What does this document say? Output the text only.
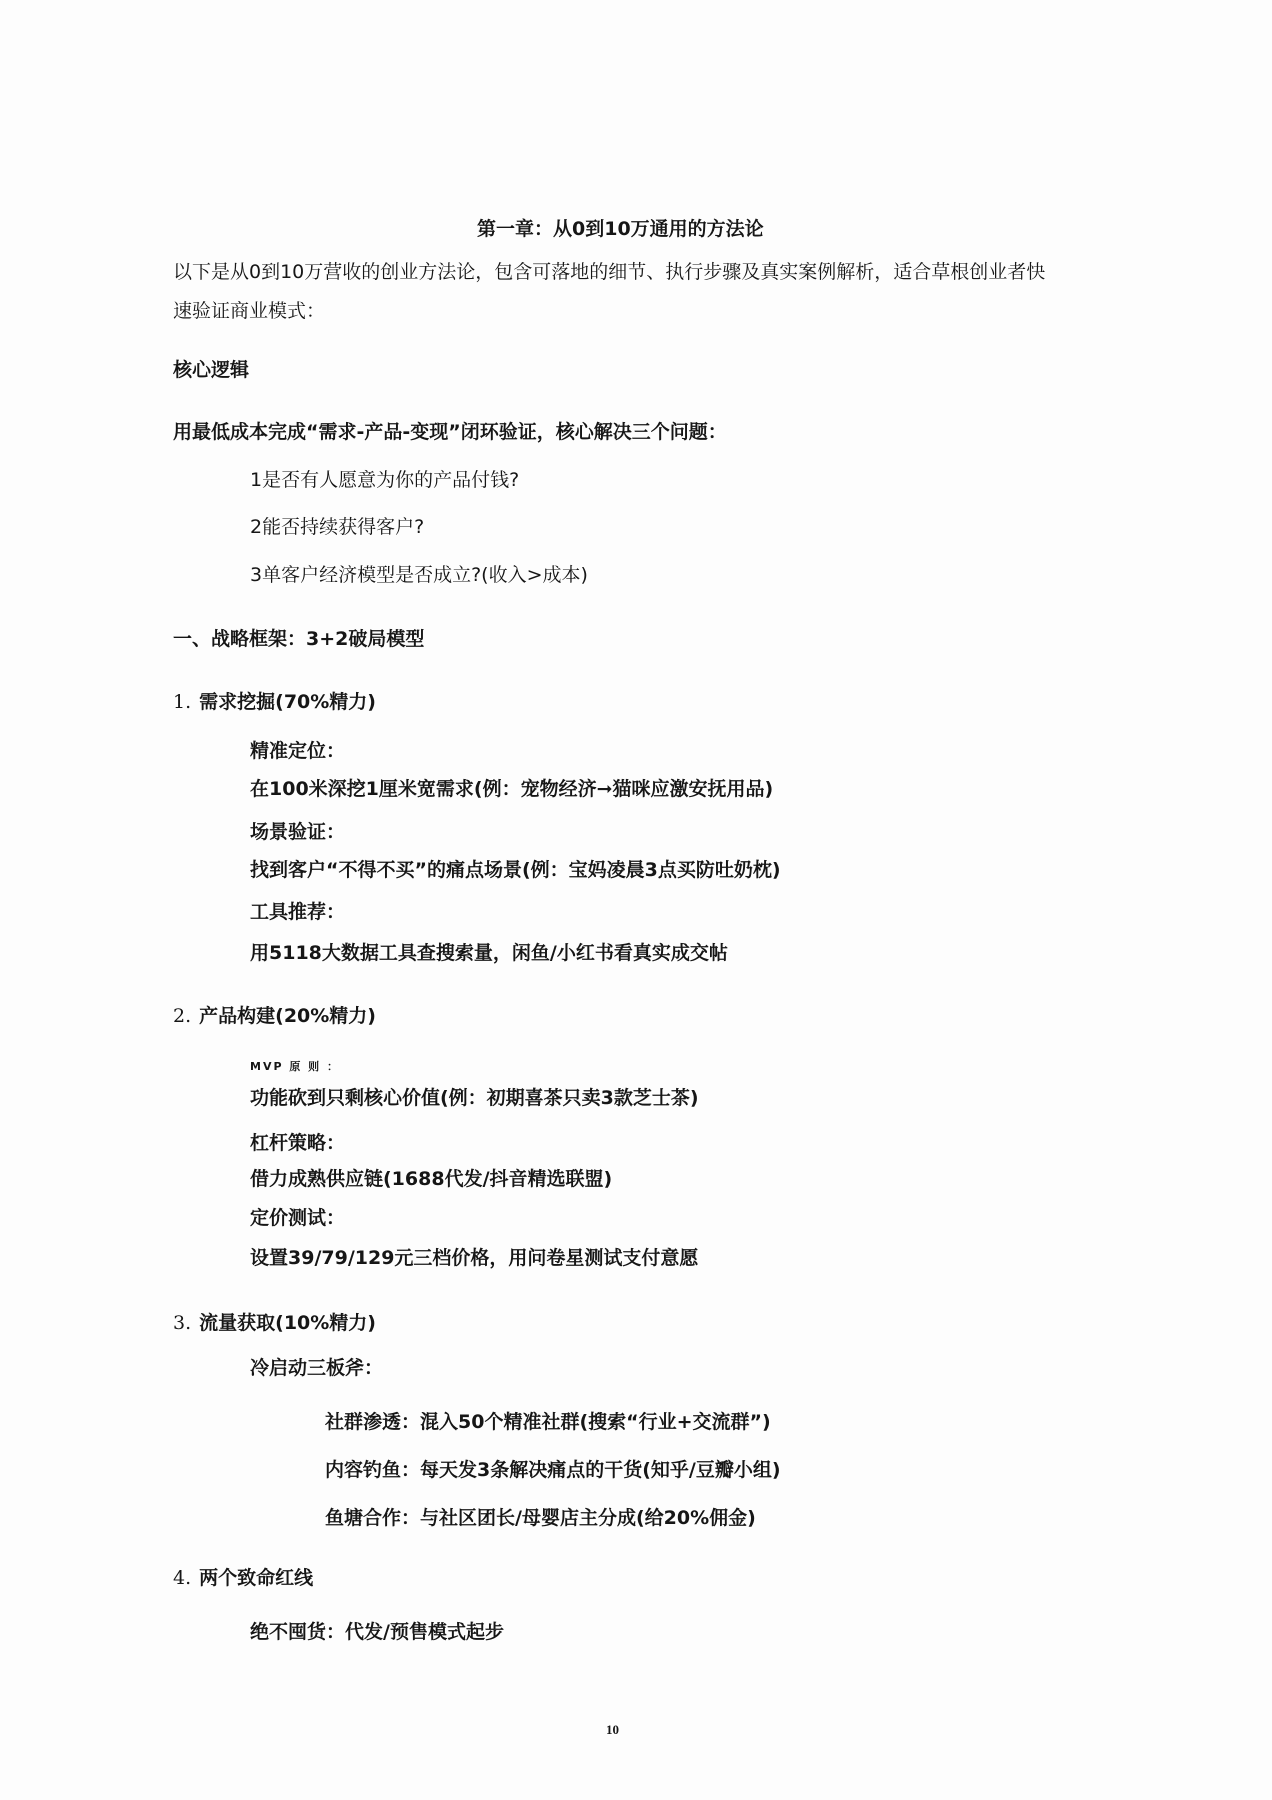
第一章：从0到10万通用的方法论
以下是从0到10万营收的创业方法论，包含可落地的细节、执行步骤及真实案例解析，适合草根创业者快
速验证商业模式：
核心逻辑
用最低成本完成“需求-产品-变现”闭环验证，核心解决三个问题：
1是否有人愿意为你的产品付钱?
2能否持续获得客户?
3单客户经济模型是否成立?(收入>成本)
一、战略框架：3+2破局模型
1. 需求挖掘(70%精力)
精准定位：
在100米深挖1厘米宽需求(例：宠物经济➞猫咪应激安抚用品)
场景验证：
找到客户“不得不买”的痛点场景(例：宝妈凌晨3点买防吐奶枕)
工具推荐：
用5118大数据工具查搜索量，闲鱼/小红书看真实成交帖
2. 产品构建(20%精力)
MVP 原 则 ：
功能砍到只剩核心价值(例：初期喜茶只卖3款芝士茶)
杠杆策略：
借力成熟供应链(1688代发/抖音精选联盟)
定价测试：
设置39/79/129元三档价格，用问卷星测试支付意愿
3. 流量获取(10%精力)
冷启动三板斧：
社群渗透：混入50个精准社群(搜索“行业+交流群”)
内容钓鱼：每天发3条解决痛点的干货(知乎/豆瓣小组)
鱼塘合作：与社区团长/母婴店主分成(给20%佣金)
4. 两个致命红线
绝不囤货：代发/预售模式起步
10
